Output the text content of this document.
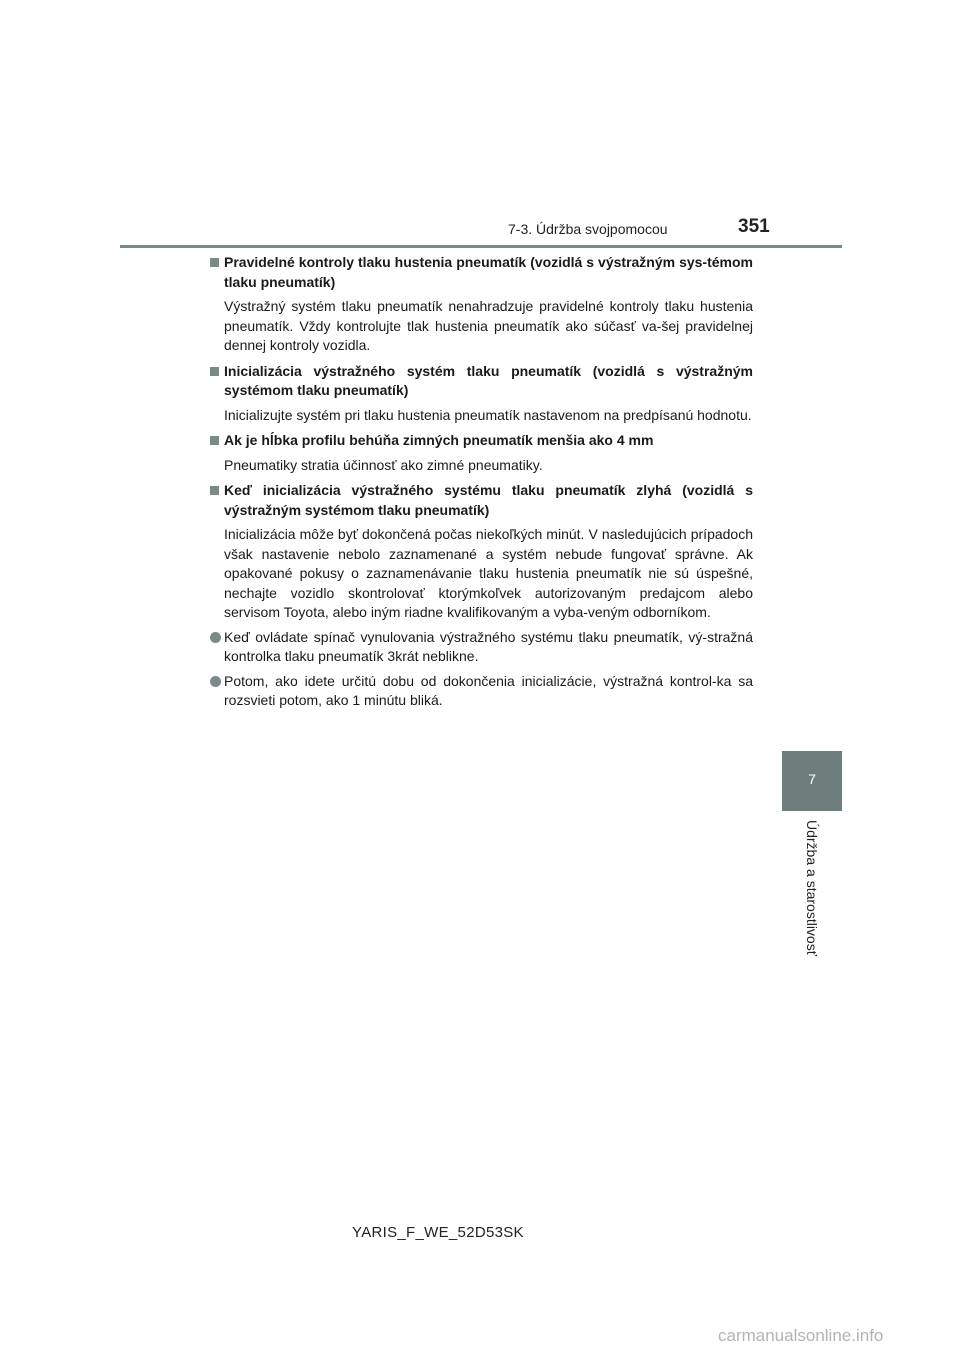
7-3. Údržba svojpomocou	351
Pravidelné kontroly tlaku hustenia pneumatík (vozidlá s výstražným sys-témom tlaku pneumatík)
Výstražný systém tlaku pneumatík nenahradzuje pravidelné kontroly tlaku hustenia pneumatík. Vždy kontrolujte tlak hustenia pneumatík ako súčasť va-šej pravidelnej dennej kontroly vozidla.
Inicializácia výstražného systém tlaku pneumatík (vozidlá s výstražným systémom tlaku pneumatík)
Inicializujte systém pri tlaku hustenia pneumatík nastavenom na predpísanú hodnotu.
Ak je hĺbka profilu behúňa zimných pneumatík menšia ako 4 mm
Pneumatiky stratia účinnosť ako zimné pneumatiky.
Keď inicializácia výstražného systému tlaku pneumatík zlyhá (vozidlá s výstražným systémom tlaku pneumatík)
Inicializácia môže byť dokončená počas niekoľkých minút. V nasledujúcich prípadoch však nastavenie nebolo zaznamenané a systém nebude fungovať správne. Ak opakované pokusy o zaznamenávanie tlaku hustenia pneumatík nie sú úspešné, nechajte vozidlo skontrolovať ktorýmkoľvek autorizovaným predajcom alebo servisom Toyota, alebo iným riadne kvalifikovaným a vyba-veným odborníkom.
Keď ovládate spínač vynulovania výstražného systému tlaku pneumatík, vý-stražná kontrolka tlaku pneumatík 3krát neblikne.
Potom, ako idete určitú dobu od dokončenia inicializácie, výstražná kontrol-ka sa rozsvieti potom, ako 1 minútu bliká.
7
Údržba a starostlivosť
YARIS_F_WE_52D53SK
carmanualsonline.info
